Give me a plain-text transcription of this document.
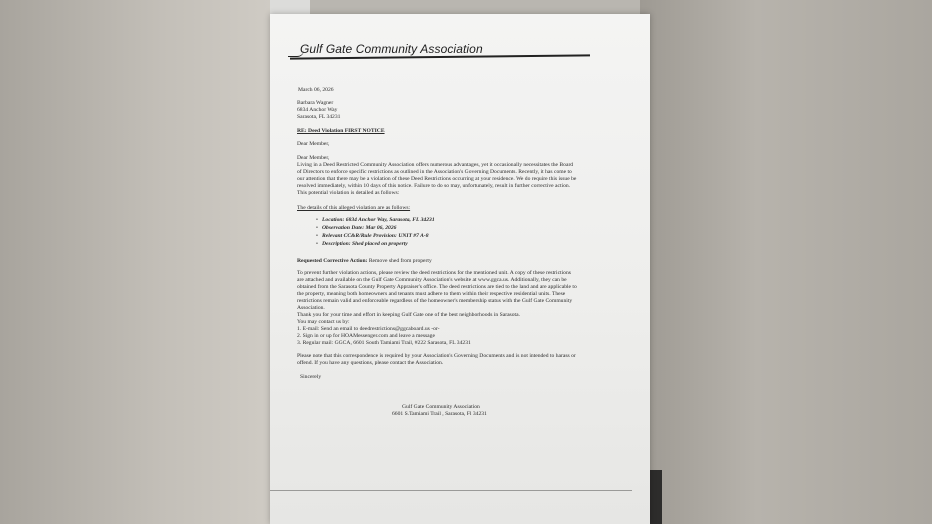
Gulf Gate Community Association
March 06, 2026
Barbara Wagner
6834 Anchor Way
Sarasota, FL 34231
RE: Deed Violation FIRST NOTICE
Dear Member,
Dear Member,
Living in a Deed Restricted Community Association offers numerous advantages, yet it occasionally necessitates the Board
of Directors to enforce specific restrictions as outlined in the Association's Governing Documents. Recently, it has come to
our attention that there may be a violation of these Deed Restrictions occurring at your residence. We do require this issue be
resolved immediately, within 10 days of this notice. Failure to do so may, unfortunately, result in further corrective action.
This potential violation is detailed as follows:
The details of this alleged violation are as follows:
• Location: 6834 Anchor Way, Sarasota, FL 34231
• Observation Date: Mar 06, 2026
• Relevant CC&R/Rule Provision: UNIT #7 A-8
• Description: Shed placed on property
Requested Corrective Action: Remove shed from property
To prevent further violation actions, please review the deed restrictions for the mentioned unit. A copy of these restrictions
are attached and available on the Gulf Gate Community Association's website at www.ggca.us. Additionally, they can be
obtained from the Sarasota County Property Appraiser's office. The deed restrictions are tied to the land and are applicable to
the property, meaning both homeowners and tenants must adhere to them within their respective residential units. These
restrictions remain valid and enforceable regardless of the homeowner's membership status with the Gulf Gate Community
Association.
Thank you for your time and effort in keeping Gulf Gate one of the best neighborhoods in Sarasota.
You may contact us by:
1. E-mail: Send an email to deedrestrictions@ggcaboard.us -or-
2. Sign in or up for HOAMessenger.com and leave a message
3. Regular mail: GGCA, 6601 South Tamiami Trail, #222 Sarasota, FL 34231
Please note that this correspondence is required by your Association's Governing Documents and is not intended to harass or
offend. If you have any questions, please contact the Association.
Sincerely
Gulf Gate Community Association
6601 S.Tamiami Trail , Sarasota, Fl 34231
